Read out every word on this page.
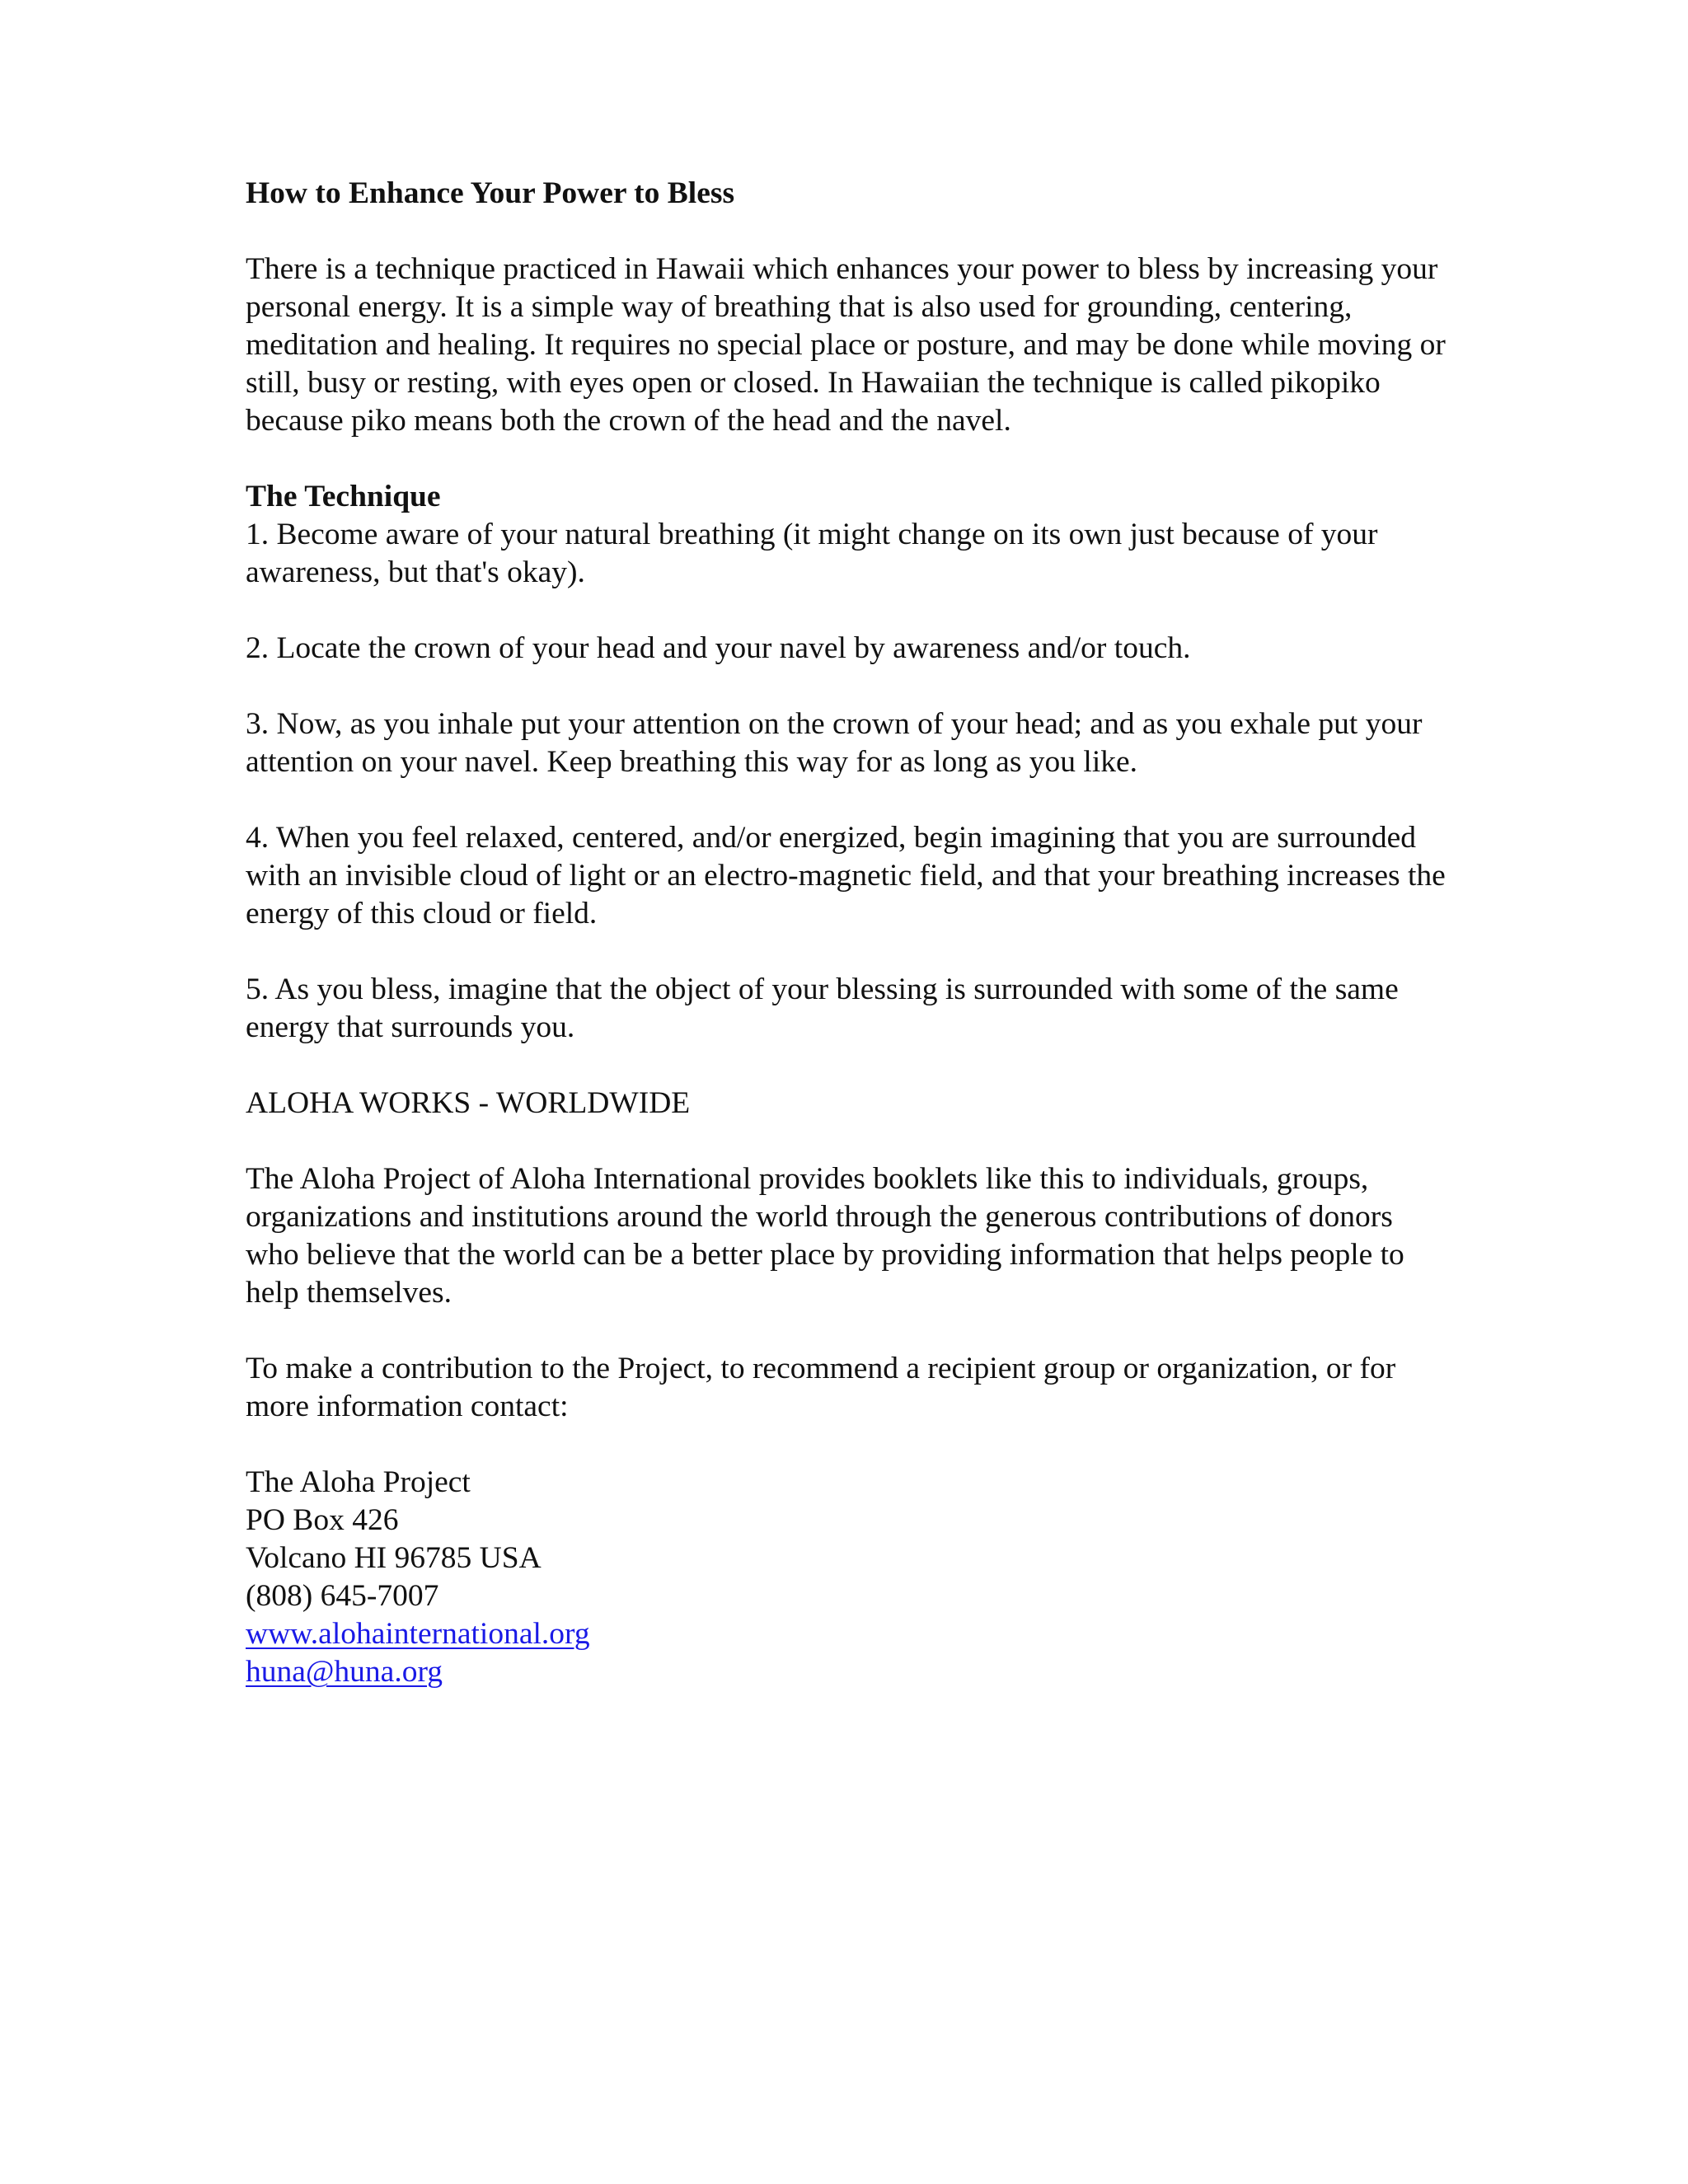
How to Enhance Your Power to Bless

There is a technique practiced in Hawaii which enhances your power to bless by increasing your personal energy. It is a simple way of breathing that is also used for grounding, centering, meditation and healing. It requires no special place or posture, and may be done while moving or still, busy or resting, with eyes open or closed. In Hawaiian the technique is called pikopiko because piko means both the crown of the head and the navel.

The Technique

1. Become aware of your natural breathing (it might change on its own just because of your awareness, but that's okay).

2. Locate the crown of your head and your navel by awareness and/or touch.

3. Now, as you inhale put your attention on the crown of your head; and as you exhale put your attention on your navel. Keep breathing this way for as long as you like.

4. When you feel relaxed, centered, and/or energized, begin imagining that you are surrounded with an invisible cloud of light or an electro-magnetic field, and that your breathing increases the energy of this cloud or field.

5. As you bless, imagine that the object of your blessing is surrounded with some of the same energy that surrounds you.

ALOHA WORKS - WORLDWIDE

The Aloha Project of Aloha International provides booklets like this to individuals, groups, organizations and institutions around the world through the generous contributions of donors who believe that the world can be a better place by providing information that helps people to help themselves.

To make a contribution to the Project, to recommend a recipient group or organization, or for more information contact:

The Aloha Project

PO Box 426

Volcano HI 96785 USA

(808) 645-7007

www.alohainternational.org

huna@huna.org
